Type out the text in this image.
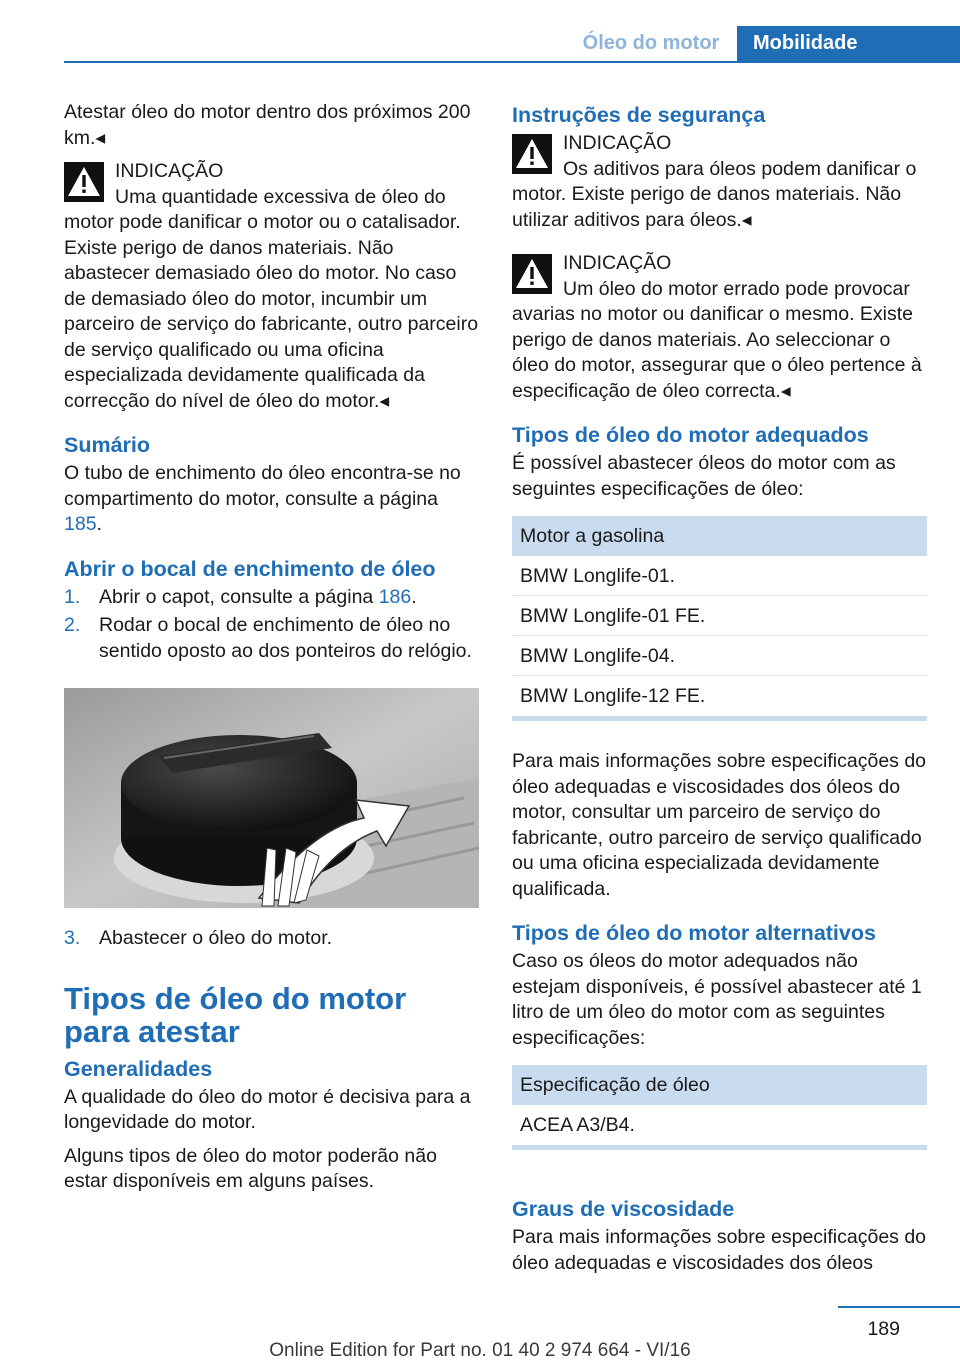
Óleo do motor	Mobilidade

Atestar óleo do motor dentro dos próximos 200 km.◂

INDICAÇÃO
Uma quantidade excessiva de óleo do
motor pode danificar o motor ou o catalisador. Existe perigo de danos materiais. Não abastecer demasiado óleo do motor. No caso de demasiado óleo do motor, incumbir um parceiro de serviço do fabricante, outro parceiro de serviço qualificado ou uma oficina especializada devidamente qualificada da correcção do nível de óleo do motor.◂
Sumário

O tubo de enchimento do óleo encontra-se no compartimento do motor, consulte a página 185.

Abrir o bocal de enchimento de óleo
1. Abrir o capot, consulte a página 186.
2. Rodar o bocal de enchimento de óleo no sentido oposto ao dos ponteiros do relógio.
3. Abastecer o óleo do motor.
Tipos de óleo do motor para atestar
Generalidades

A qualidade do óleo do motor é decisiva para a longevidade do motor.

Alguns tipos de óleo do motor poderão não estar disponíveis em alguns países.

Instruções de segurança
INDICAÇÃO
Os aditivos para óleos podem danificar o
motor. Existe perigo de danos materiais. Não utilizar aditivos para óleos.◂
INDICAÇÃO
Um óleo do motor errado pode provocar
avarias no motor ou danificar o mesmo. Existe perigo de danos materiais. Ao seleccionar o óleo do motor, assegurar que o óleo pertence à especificação de óleo correcta.◂
Tipos de óleo do motor adequados

É possível abastecer óleos do motor com as seguintes especificações de óleo:

Motor a gasolina
BMW Longlife-01.
BMW Longlife-01 FE.
BMW Longlife-04.
BMW Longlife-12 FE.

Para mais informações sobre especificações do óleo adequadas e viscosidades dos óleos do motor, consultar um parceiro de serviço do fabricante, outro parceiro de serviço qualificado ou uma oficina especializada devidamente qualificada.

Tipos de óleo do motor alternativos

Caso os óleos do motor adequados não estejam disponíveis, é possível abastecer até 1 litro de um óleo do motor com as seguintes especificações:

Especificação de óleo
ACEA A3/B4.
Graus de viscosidade

Para mais informações sobre especificações do óleo adequadas e viscosidades dos óleos

189
Online Edition for Part no. 01 40 2 974 664 - VI/16
